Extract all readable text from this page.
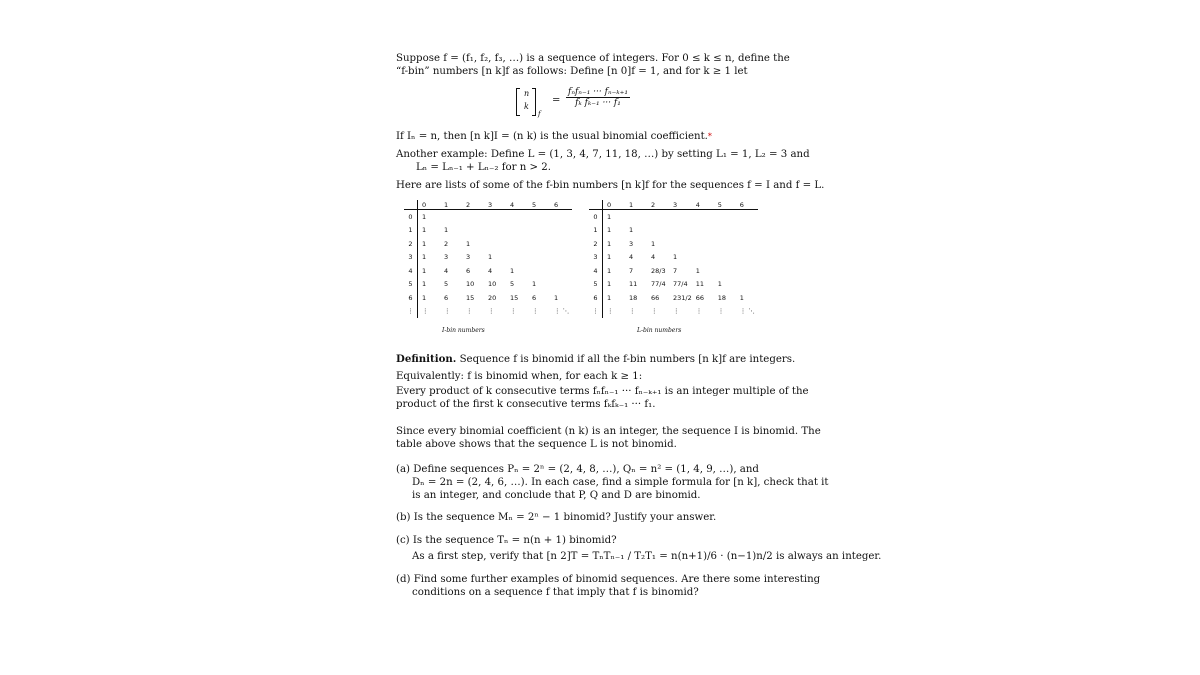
Suppose f = (f₁, f₂, f₃, …) is a sequence of integers. For 0 ≤ k ≤ n, define the
“f-bin” numbers [n k]f as follows: Define [n 0]f = 1, and for k ≥ 1 let
n
k
f
=
fₙfₙ₋₁ ··· fₙ₋ₖ₊₁
fₖ fₖ₋₁ ··· f₁
If Iₙ = n, then [n k]I = (n k) is the usual binomial coefficient.*
Another example: Define L = (1, 3, 4, 7, 11, 18, …) by setting L₁ = 1, L₂ = 3 and
Lₙ = Lₙ₋₁ + Lₙ₋₂ for n > 2.
Here are lists of some of the f-bin numbers [n k]f for the sequences f = I and f = L.
	0	1	2	3	4	5	6
0	1						
1	1	1					
2	1	2	1				
3	1	3	3	1			
4	1	4	6	4	1		
5	1	5	10	10	5	1	
6	1	6	15	20	15	6	1
⋮	⋮	⋮	⋮	⋮	⋮	⋮	⋮ ⋱
I-bin numbers
	0	1	2	3	4	5	6
0	1						
1	1	1					
2	1	3	1				
3	1	4	4	1			
4	1	7	28/3	7	1		
5	1	11	77/4	77/4	11	1	
6	1	18	66	231/2	66	18	1
⋮	⋮	⋮	⋮	⋮	⋮	⋮	⋮ ⋱
L-bin numbers
Definition. Sequence f is binomid if all the f-bin numbers [n k]f are integers.
Equivalently: f is binomid when, for each k ≥ 1:
Every product of k consecutive terms fₙfₙ₋₁ ··· fₙ₋ₖ₊₁ is an integer multiple of the
product of the first k consecutive terms fₖfₖ₋₁ ··· f₁.
Since every binomial coefficient (n k) is an integer, the sequence I is binomid. The
table above shows that the sequence L is not binomid.
(a) Define sequences Pₙ = 2ⁿ = (2, 4, 8, …), Qₙ = n² = (1, 4, 9, …), and
Dₙ = 2n = (2, 4, 6, …). In each case, find a simple formula for [n k], check that it
is an integer, and conclude that P, Q and D are binomid.
(b) Is the sequence Mₙ = 2ⁿ − 1 binomid? Justify your answer.
(c) Is the sequence Tₙ = n(n + 1) binomid?
As a first step, verify that [n 2]T = TₙTₙ₋₁ / T₂T₁ = n(n+1)/6 · (n−1)n/2 is always an integer.
(d) Find some further examples of binomid sequences. Are there some interesting
conditions on a sequence f that imply that f is binomid?
